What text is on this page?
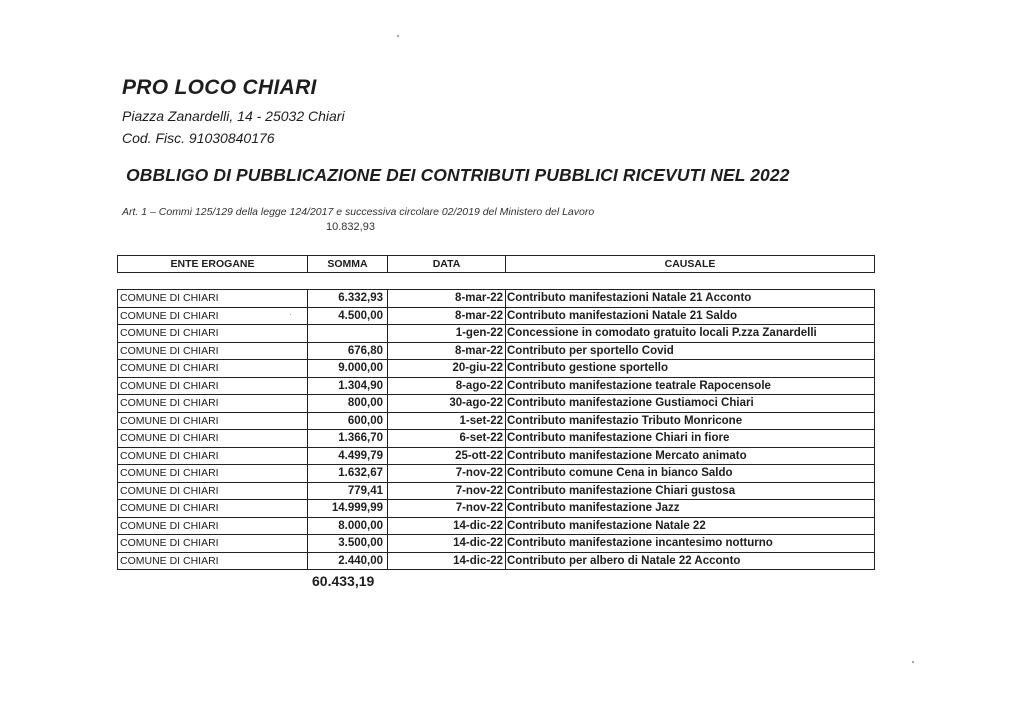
PRO LOCO CHIARI
Piazza Zanardelli, 14 - 25032 Chiari
Cod. Fisc. 91030840176
OBBLIGO DI PUBBLICAZIONE DEI CONTRIBUTI PUBBLICI RICEVUTI NEL 2022
Art. 1 – Commi 125/129 della legge 124/2017 e successiva circolare 02/2019 del Ministero del Lavoro
10.832,93
ENTE EROGANE	SOMMA	DATA	CAUSALE
COMUNE DI CHIARI	6.332,93	8-mar-22	Contributo manifestazioni Natale 21 Acconto
COMUNE DI CHIARI	4.500,00	8-mar-22	Contributo manifestazioni Natale 21 Saldo
COMUNE DI CHIARI		1-gen-22	Concessione in comodato gratuito locali P.zza Zanardelli
COMUNE DI CHIARI	676,80	8-mar-22	Contributo per sportello Covid
COMUNE DI CHIARI	9.000,00	20-giu-22	Contributo gestione sportello
COMUNE DI CHIARI	1.304,90	8-ago-22	Contributo manifestazione teatrale Rapocensole
COMUNE DI CHIARI	800,00	30-ago-22	Contributo manifestazione Gustiamoci Chiari
COMUNE DI CHIARI	600,00	1-set-22	Contributo manifestazio Tributo Monricone
COMUNE DI CHIARI	1.366,70	6-set-22	Contributo manifestazione Chiari in fiore
COMUNE DI CHIARI	4.499,79	25-ott-22	Contributo manifestazione Mercato animato
COMUNE DI CHIARI	1.632,67	7-nov-22	Contributo comune Cena in bianco Saldo
COMUNE DI CHIARI	779,41	7-nov-22	Contributo manifestazione Chiari gustosa
COMUNE DI CHIARI	14.999,99	7-nov-22	Contributo manifestazione Jazz
COMUNE DI CHIARI	8.000,00	14-dic-22	Contributo manifestazione Natale 22
COMUNE DI CHIARI	3.500,00	14-dic-22	Contributo manifestazione incantesimo notturno
COMUNE DI CHIARI	2.440,00	14-dic-22	Contributo per albero di Natale 22 Acconto
60.433,19
